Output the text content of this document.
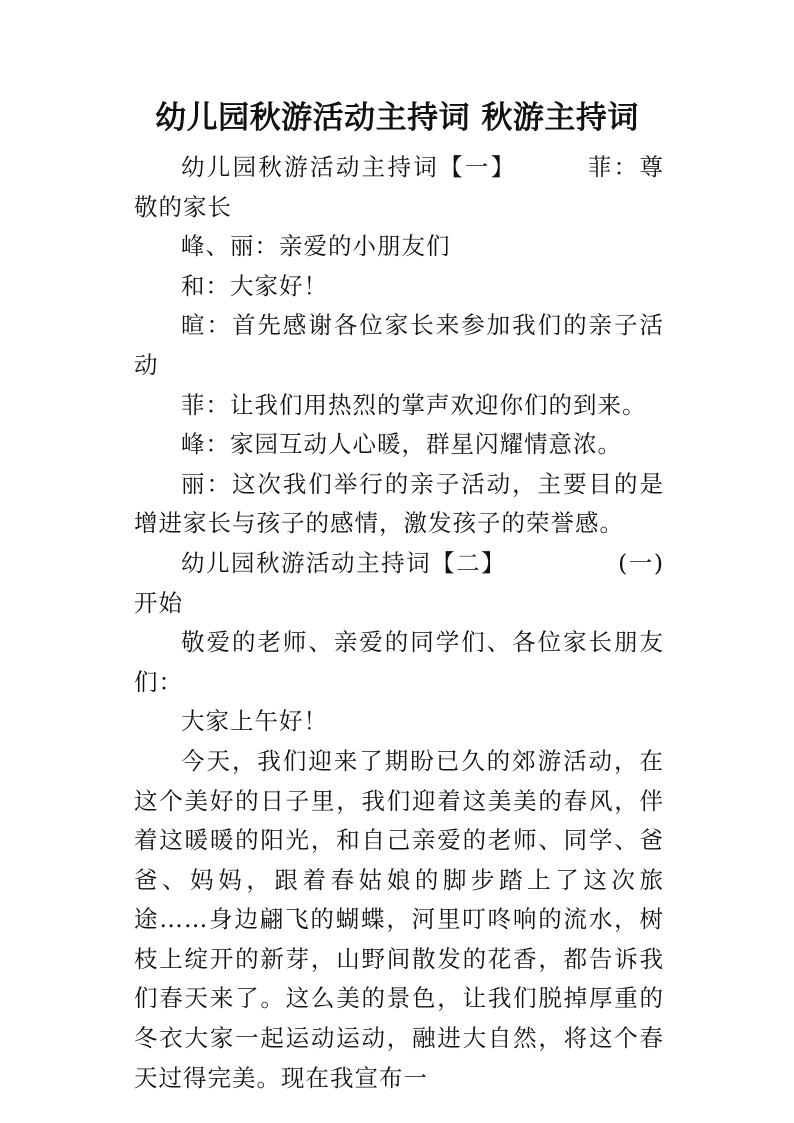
幼儿园秋游活动主持词 秋游主持词

幼儿园秋游活动主持词【一】	菲：尊敬的家长

峰、丽：亲爱的小朋友们

和：大家好！

暄：首先感谢各位家长来参加我们的亲子活动

菲：让我们用热烈的掌声欢迎你们的到来。

峰：家园互动人心暖，群星闪耀情意浓。

丽：这次我们举行的亲子活动，主要目的是增进家长与孩子的感情，激发孩子的荣誉感。

幼儿园秋游活动主持词【二】	(一)开始

敬爱的老师、亲爱的同学们、各位家长朋友们：

大家上午好！

今天，我们迎来了期盼已久的郊游活动，在这个美好的日子里，我们迎着这美美的春风，伴着这暖暖的阳光，和自己亲爱的老师、同学、爸爸、妈妈，跟着春姑娘的脚步踏上了这次旅途……身边翩飞的蝴蝶，河里叮咚响的流水，树枝上绽开的新芽，山野间散发的花香，都告诉我们春天来了。这么美的景色，让我们脱掉厚重的冬衣大家一起运动运动，融进大自然，将这个春天过得完美。现在我宣布一
